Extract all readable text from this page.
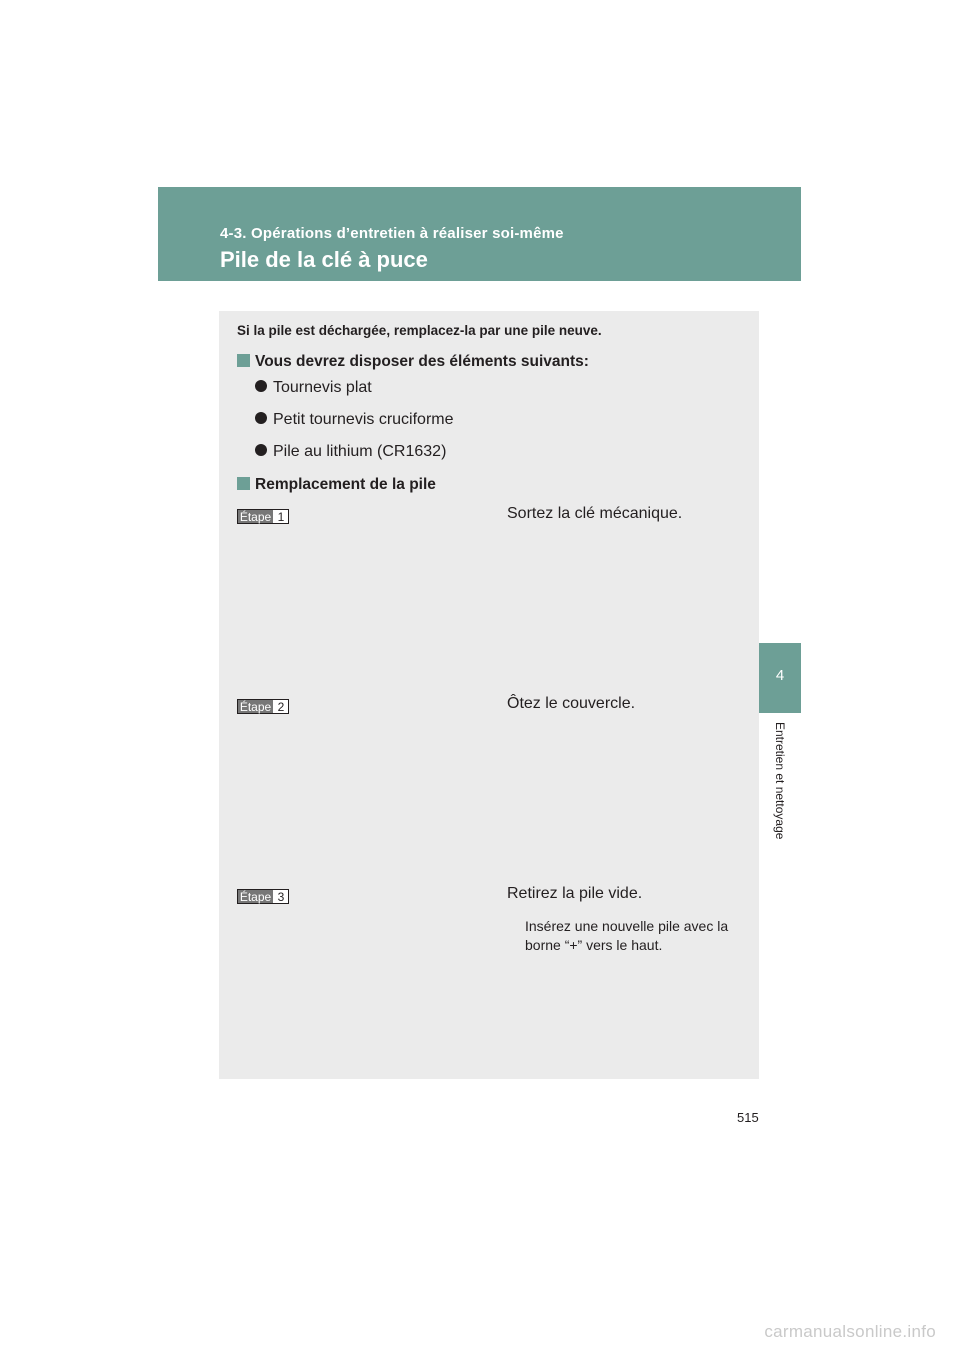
4-3. Opérations d’entretien à réaliser soi-même
Pile de la clé à puce
4
Entretien et nettoyage
Si la pile est déchargée, remplacez-la par une pile neuve.
Vous devrez disposer des éléments suivants:
Tournevis plat
Petit tournevis cruciforme
Pile au lithium (CR1632)
Remplacement de la pile
Étape 1	Sortez la clé mécanique.
Étape 2	Ôtez le couvercle.
Étape 3	Retirez la pile vide.
Insérez une nouvelle pile avec la borne “+” vers le haut.
515
carmanualsonline.info
